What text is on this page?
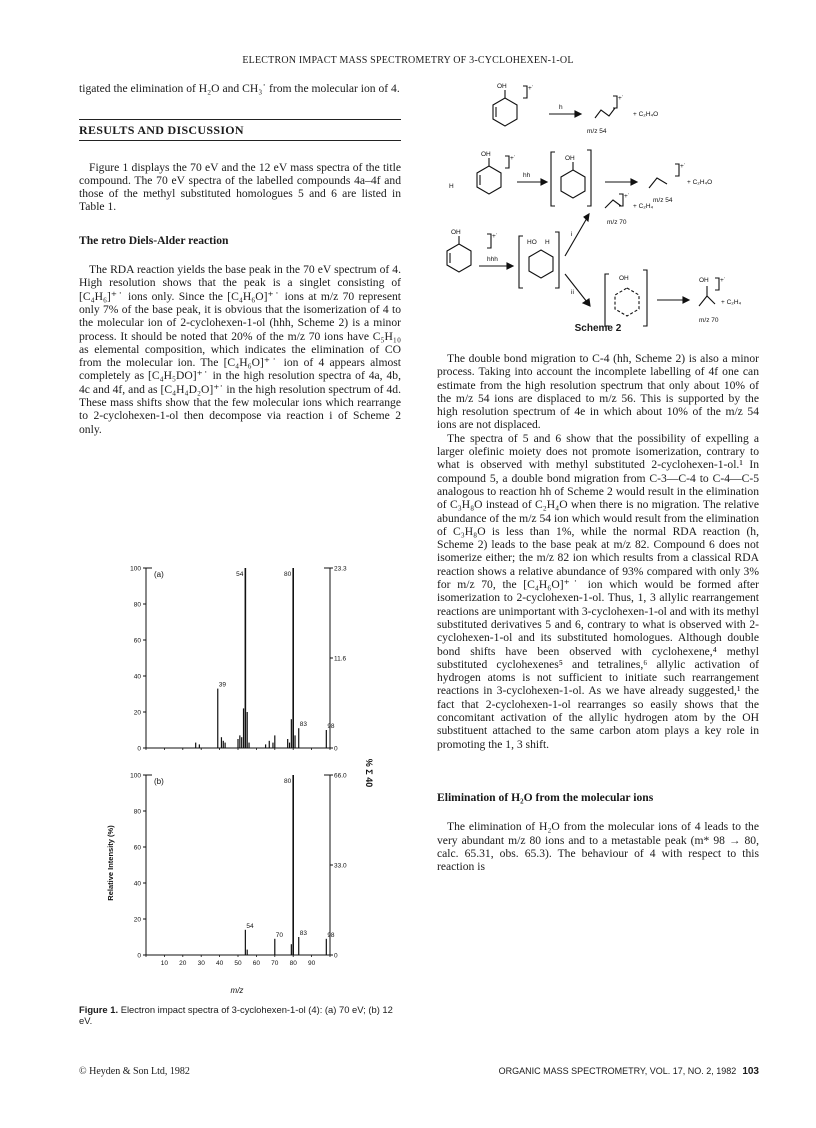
ELECTRON IMPACT MASS SPECTROMETRY OF 3-CYCLOHEXEN-1-OL

tigated the elimination of H₂O and CH₃˙ from the molecular ion of 4.

RESULTS AND DISCUSSION

Figure 1 displays the 70 eV and the 12 eV mass spectra of the title compound. The 70 eV spectra of the labelled compounds 4a–4f and those of the methyl substituted homologues 5 and 6 are listed in Table 1.

The retro Diels-Alder reaction

The RDA reaction yields the base peak in the 70 eV spectrum of 4. High resolution shows that the peak is a singlet consisting of [C₄H₆]⁺˙ ions only. Since the [C₄H₆O]⁺˙ ions at m/z 70 represent only 7% of the base peak, it is obvious that the isomerization of 4 to the molecular ion of 2-cyclohexen-1-ol (hhh, Scheme 2) is a minor process. It should be noted that 20% of the m/z 70 ions have C₅H₁₀ as elemental composition, which indicates the elimination of CO from the molecular ion. The [C₄H₆O]⁺˙ ion of 4 appears almost completely as [C₄H₅DO]⁺˙ in the high resolution spectra of 4a, 4b, 4c and 4f, and as [C₄H₄D₂O]⁺˙ in the high resolution spectrum of 4d. These mass shifts show that the few molecular ions which rearrange to 2-cyclohexen-1-ol then decompose via reaction i of Scheme 2 only.

OH	+˙
h
+˙
+ C₂H₄O
m/z 54
OH
+˙
H
hh
OH
+˙
+ C₂H₄O
m/z 54
OH
+˙
hhh
HO H
i
ii
+˙
+ C₂H₄
m/z 70
OH	OH +˙
+ C₂H₄
m/z 70
Scheme 2

The double bond migration to C-4 (hh, Scheme 2) is also a minor process. Taking into account the incomplete labelling of 4f one can estimate from the high resolution spectrum that only about 10% of the m/z 54 ions are displaced to m/z 56. This is supported by the high resolution spectrum of 4e in which about 10% of the m/z 54 ions are not displaced.

The spectra of 5 and 6 show that the possibility of expelling a larger olefinic moiety does not promote isomerization, contrary to what is observed with methyl substituted 2-cyclohexen-1-ol.¹ In compound 5, a double bond migration from C-3—C-4 to C-4—C-5 analogous to reaction hh of Scheme 2 would result in the elimination of C₃H₈O instead of C₂H₄O when there is no migration. The relative abundance of the m/z 54 ion which would result from the elimination of C₃H₈O is less than 1%, while the normal RDA reaction (h, Scheme 2) leads to the base peak at m/z 82. Compound 6 does not isomerize either; the m/z 82 ion which results from a classical RDA reaction shows a relative abundance of 93% compared with only 3% for m/z 70, the [C₄H₆O]⁺˙ ion which would be formed after isomerization to 2-cyclohexen-1-ol. Thus, 1, 3 allylic rearrangement reactions are unimportant with 3-cyclohexen-1-ol and with its methyl substituted derivatives 5 and 6, contrary to what is observed with 2-cyclohexen-1-ol and its substituted homologues. Although double bond shifts have been observed with cyclohexene,⁴ methyl substituted cyclohexenes⁵ and tetralines,⁶ allylic activation of hydrogen atoms is not sufficient to initiate such rearrangement reactions in 3-cyclohexen-1-ol. As we have already suggested,¹ the fact that 2-cyclohexen-1-ol rearranges so easily shows that the concomitant activation of the allylic hydrogen atom by the OH substituent attached to the same carbon atom plays a key role in promoting the 1, 3 shift.

Elimination of H₂O from the molecular ions

The elimination of H₂O from the molecular ions of 4 leads to the very abundant m/z 80 ions and to a metastable peak (m* 98 → 80, calc. 65.31, obs. 65.3). The behaviour of 4 with respect to this reaction is

Relative Intensity (%)
% Σ 40
m/z
(a)
0
20
40
60
80
100	23.3
11.6
0
39
54	80
83	98
(b)
0
20
40
60
80
100	66.0
33.0
0
10 20 30 40 50 60 70 80 90
54
70
80
83	98
Figure 1. Electron impact spectra of 3-cyclohexen-1-ol (4): (a) 70 eV; (b) 12 eV.
© Heyden & Son Ltd, 1982	ORGANIC MASS SPECTROMETRY, VOL. 17, NO. 2, 1982 103
